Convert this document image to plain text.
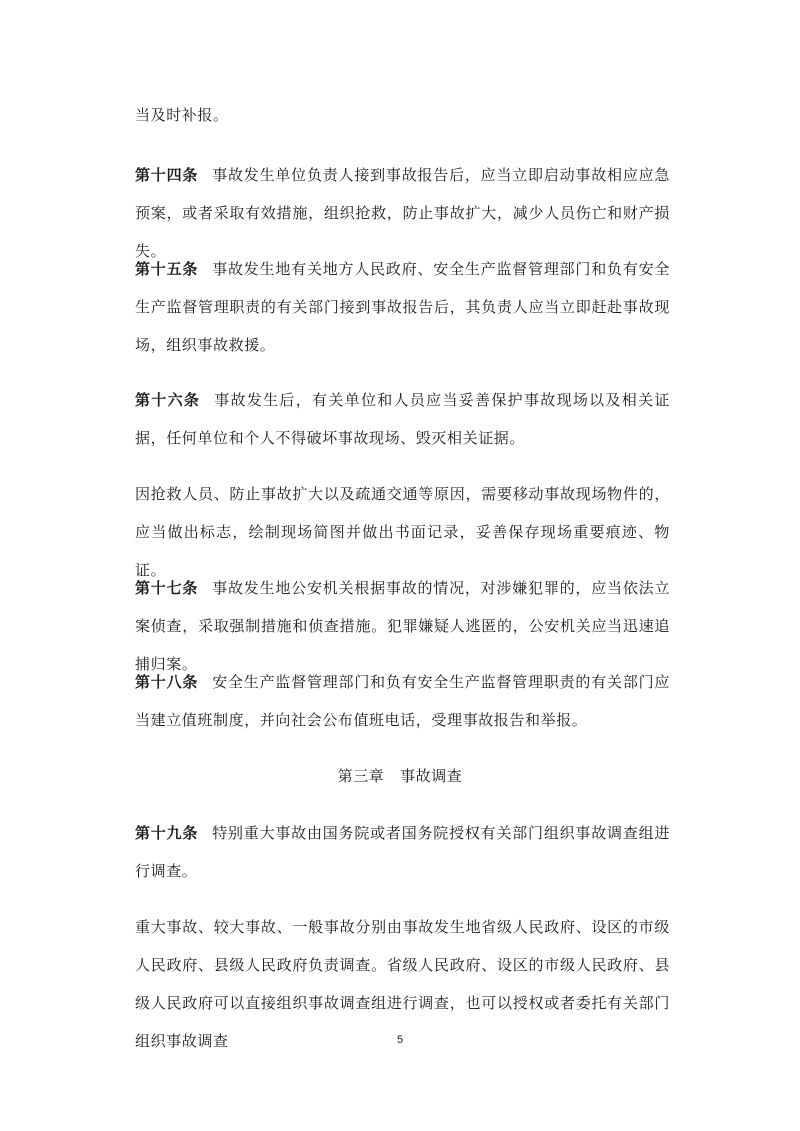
当及时补报。

第十四条 事故发生单位负责人接到事故报告后，应当立即启动事故相应应急预案，或者采取有效措施，组织抢救，防止事故扩大，减少人员伤亡和财产损失。

第十五条 事故发生地有关地方人民政府、安全生产监督管理部门和负有安全生产监督管理职责的有关部门接到事故报告后，其负责人应当立即赶赴事故现场，组织事故救援。

第十六条 事故发生后，有关单位和人员应当妥善保护事故现场以及相关证据，任何单位和个人不得破坏事故现场、毁灭相关证据。

因抢救人员、防止事故扩大以及疏通交通等原因，需要移动事故现场物件的，应当做出标志，绘制现场简图并做出书面记录，妥善保存现场重要痕迹、物证。

第十七条 事故发生地公安机关根据事故的情况，对涉嫌犯罪的，应当依法立案侦查，采取强制措施和侦查措施。犯罪嫌疑人逃匿的，公安机关应当迅速追捕归案。

第十八条 安全生产监督管理部门和负有安全生产监督管理职责的有关部门应当建立值班制度，并向社会公布值班电话，受理事故报告和举报。

第三章　事故调查

第十九条 特别重大事故由国务院或者国务院授权有关部门组织事故调查组进行调查。

重大事故、较大事故、一般事故分别由事故发生地省级人民政府、设区的市级人民政府、县级人民政府负责调查。省级人民政府、设区的市级人民政府、县级人民政府可以直接组织事故调查组进行调查，也可以授权或者委托有关部门组织事故调查	5
